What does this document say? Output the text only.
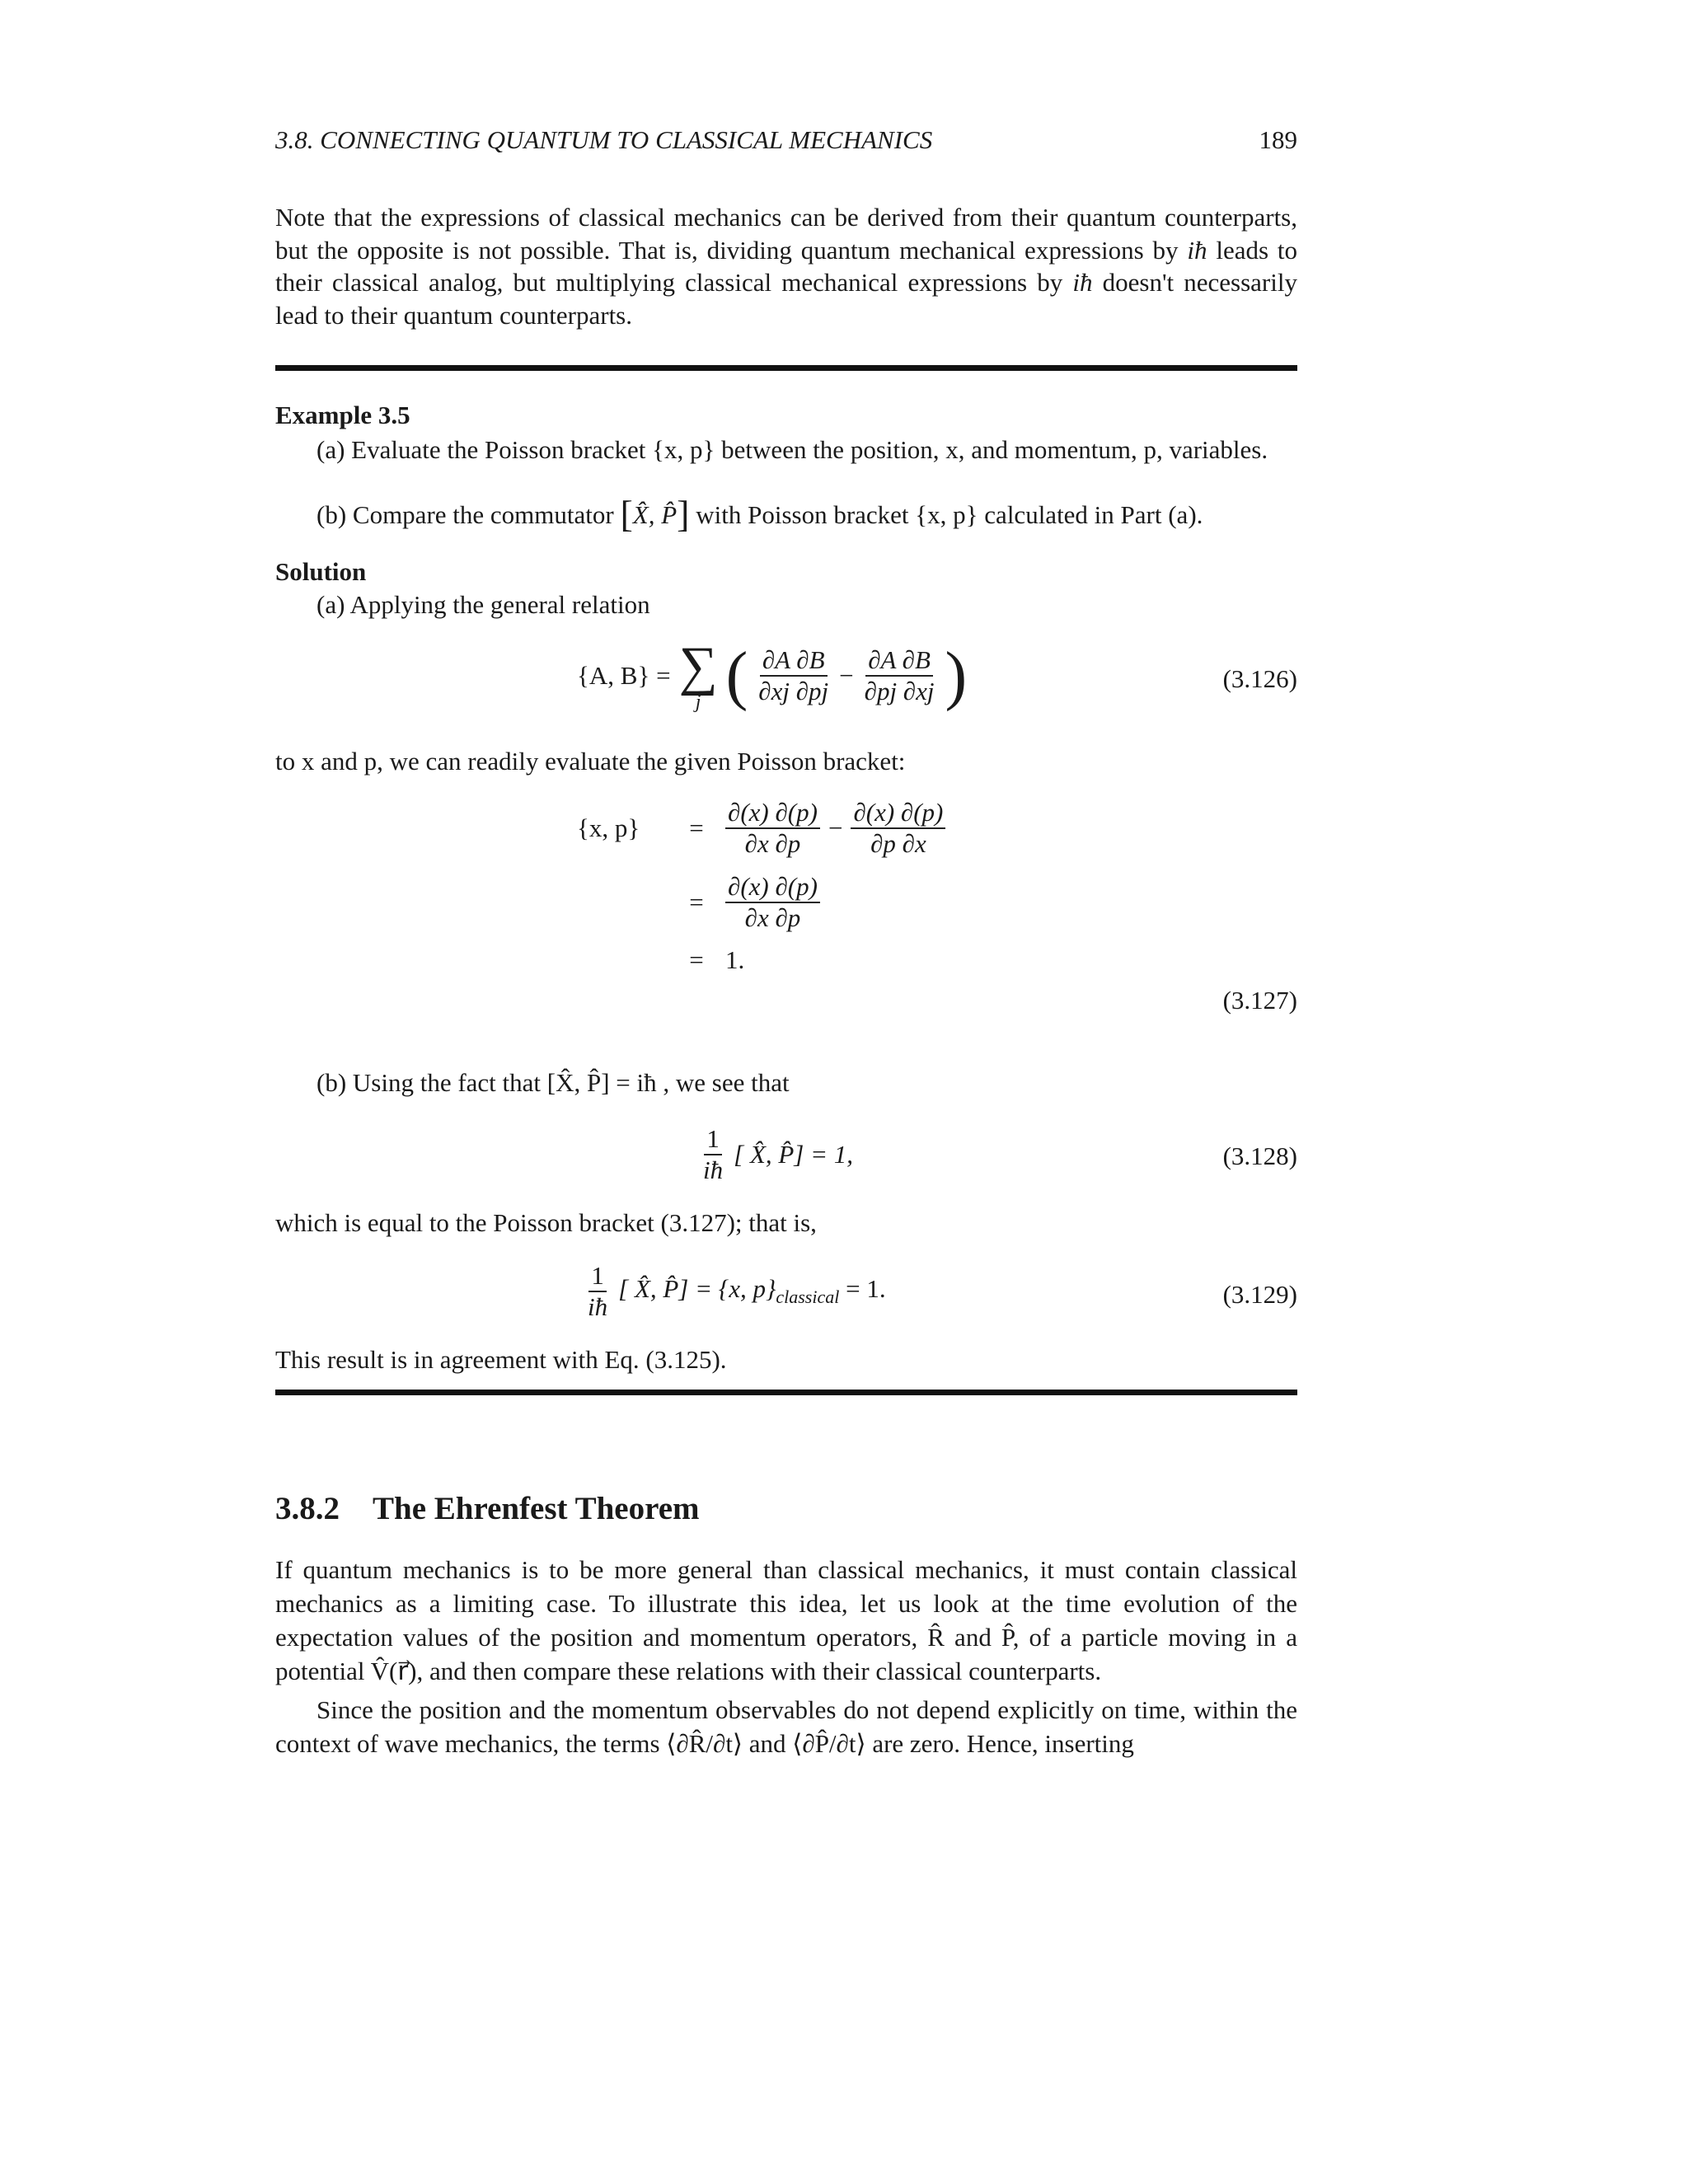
3.8. CONNECTING QUANTUM TO CLASSICAL MECHANICS	189
Note that the expressions of classical mechanics can be derived from their quantum counterparts, but the opposite is not possible. That is, dividing quantum mechanical expressions by iħ leads to their classical analog, but multiplying classical mechanical expressions by iħ doesn't necessarily lead to their quantum counterparts.
Example 3.5
(a) Evaluate the Poisson bracket {x, p} between the position, x, and momentum, p, variables.
(b) Compare the commutator [X̂, P̂] with Poisson bracket {x, p} calculated in Part (a).
Solution
(a) Applying the general relation
{A, B} = ∑
j ( $\frac{\partial A \partial B}{\partial xj \partial pj} - \frac{\partial A \partial B}{\partial pj \partial xj}$ )	(3.126)
to x and p, we can readily evaluate the given Poisson bracket:
{x, p}	= $\frac{\partial(x) \partial(p)}{\partial x \partial p} - \frac{\partial(x) \partial(p)}{\partial p \partial x}$
= $\frac{\partial(x) \partial(p)}{\partial x \partial p}$
= 1.
(3.127)
(b) Using the fact that [X̂, P̂] = iħ , we see that
$\frac{1}{iħ}$ [ X̂, P̂] = 1,	(3.128)
which is equal to the Poisson bracket (3.127); that is,
$\frac{1}{iħ}$ [ X̂, P̂] = {x, $p\}_{classical} = 1$.	(3.129)
This result is in agreement with Eq. (3.125).
3.8.2 The Ehrenfest Theorem
If quantum mechanics is to be more general than classical mechanics, it must contain classical mechanics as a limiting case. To illustrate this idea, let us look at the time evolution of the expectation values of the position and momentum operators, R̂ and P̂, of a particle moving in a potential V̂(r⃗), and then compare these relations with their classical counterparts.
Since the position and the momentum observables do not depend explicitly on time, within the context of wave mechanics, the terms ⟨∂R̂/∂t⟩ and ⟨∂P̂/∂t⟩ are zero. Hence, inserting
